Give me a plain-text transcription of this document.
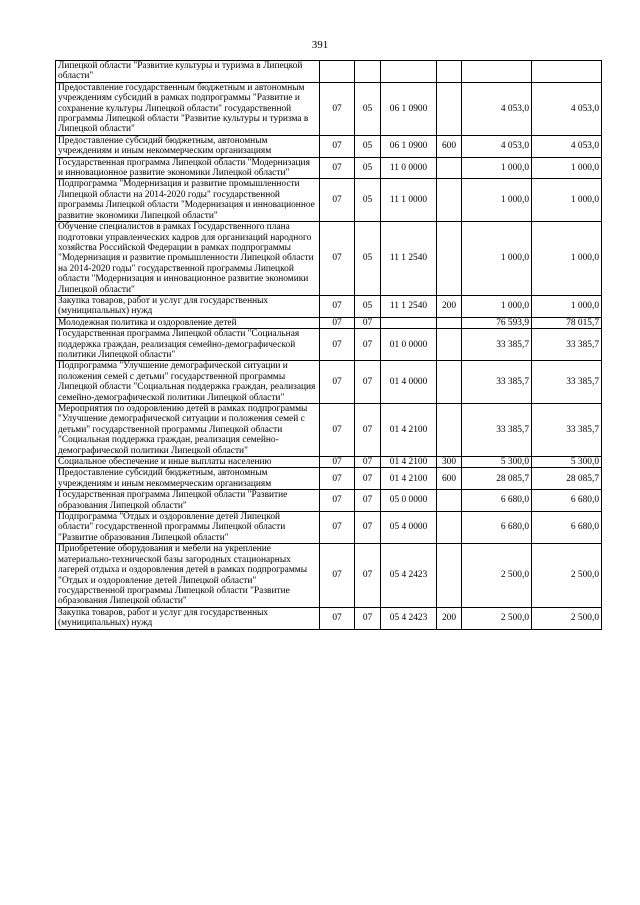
391
Липецкой области "Развитие культуры и туризма в Липецкой области"						
Предоставление государственным бюджетным и автономным учреждениям субсидий в рамках подпрограммы "Развитие и сохранение культуры Липецкой области" государственной программы Липецкой области "Развитие культуры и туризма в Липецкой области"	07	05	06 1 0900		4 053,0	4 053,0
Предоставление субсидий бюджетным, автономным учреждениям и иным некоммерческим организациям	07	05	06 1 0900	600	4 053,0	4 053,0
Государственная программа Липецкой области "Модернизация и инновационное развитие экономики Липецкой области"	07	05	11 0 0000		1 000,0	1 000,0
Подпрограмма "Модернизация и развитие промышленности Липецкой области на 2014-2020 годы" государственной программы Липецкой области "Модернизация и инновационное развитие экономики Липецкой области"	07	05	11 1 0000		1 000,0	1 000,0
Обучение специалистов в рамках Государственного плана подготовки управленческих кадров для организаций народного хозяйства Российской Федерации в рамках подпрограммы "Модернизация и развитие промышленности Липецкой области на 2014-2020 годы" государственной программы Липецкой области "Модернизация и инновационное развитие экономики Липецкой области"	07	05	11 1 2540		1 000,0	1 000,0
Закупка товаров, работ и услуг для государственных (муниципальных) нужд	07	05	11 1 2540	200	1 000,0	1 000,0
Молодежная политика и оздоровление детей	07	07			76 593,9	78 015,7
Государственная программа Липецкой области "Социальная поддержка граждан, реализация семейно-демографической политики Липецкой области"	07	07	01 0 0000		33 385,7	33 385,7
Подпрограмма "Улучшение демографической ситуации и положения семей с детьми" государственной программы Липецкой области "Социальная поддержка граждан, реализация семейно-демографической политики Липецкой области"	07	07	01 4 0000		33 385,7	33 385,7
Мероприятия по оздоровлению детей в рамках подпрограммы "Улучшение демографической ситуации и положения семей с детьми" государственной программы Липецкой области "Социальная поддержка граждан, реализация семейно-демографической политики Липецкой области"	07	07	01 4 2100		33 385,7	33 385,7
Социальное обеспечение и иные выплаты населению	07	07	01 4 2100	300	5 300,0	5 300,0
Предоставление субсидий бюджетным, автономным учреждениям и иным некоммерческим организациям	07	07	01 4 2100	600	28 085,7	28 085,7
Государственная программа Липецкой области "Развитие образования Липецкой области"	07	07	05 0 0000		6 680,0	6 680,0
Подпрограмма "Отдых и оздоровление детей Липецкой области" государственной программы Липецкой области "Развитие образования Липецкой области"	07	07	05 4 0000		6 680,0	6 680,0
Приобретение оборудования и мебели на укрепление материально-технической базы загородных стационарных лагерей отдыха и оздоровления детей в рамках подпрограммы "Отдых и оздоровление детей Липецкой области" государственной программы Липецкой области "Развитие образования Липецкой области"	07	07	05 4 2423		2 500,0	2 500,0
Закупка товаров, работ и услуг для государственных (муниципальных) нужд	07	07	05 4 2423	200	2 500,0	2 500,0
